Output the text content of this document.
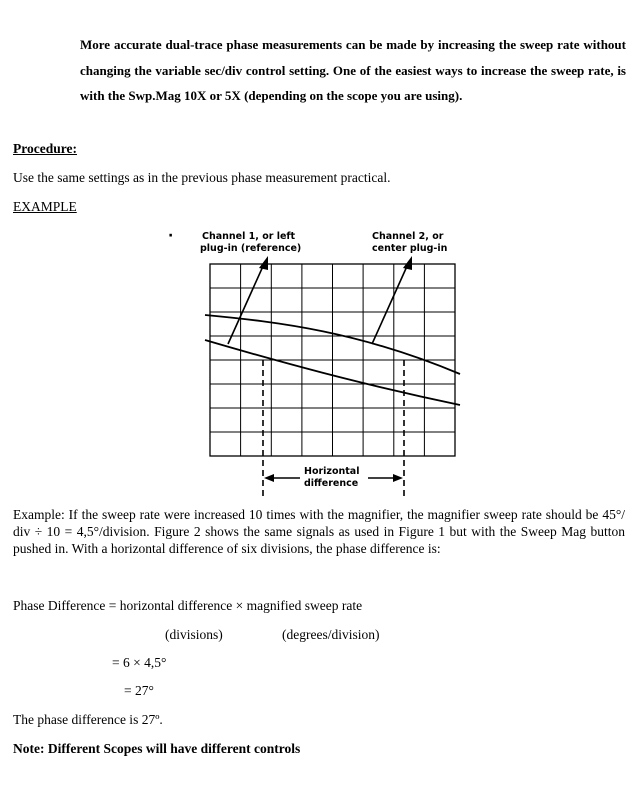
More accurate dual-trace phase measurements can be made by increasing the sweep rate without changing the variable sec/div control setting. One of the easiest ways to increase the sweep rate, is with the Swp.Mag 10X or 5X (depending on the scope you are using).

Procedure:

Use the same settings as in the previous phase measurement practical.

EXAMPLE

·	Channel 1, or left
plug-in (reference)
Channel 2, or
center plug-in
Horizontal
difference

Example: If the sweep rate were increased 10 times with the magnifier, the magnifier sweep rate should be 45°/ div ÷ 10 = 4,5°/division. Figure 2 shows the same signals as used in Figure 1 but with the Sweep Mag button pushed in. With a horizontal difference of six divisions, the phase difference is:

Phase Difference = horizontal difference × magnified sweep rate

(divisions)	(degrees/division)

= 6 × 4,5°

= 27°

The phase difference is 27º.

Note: Different Scopes will have different controls
